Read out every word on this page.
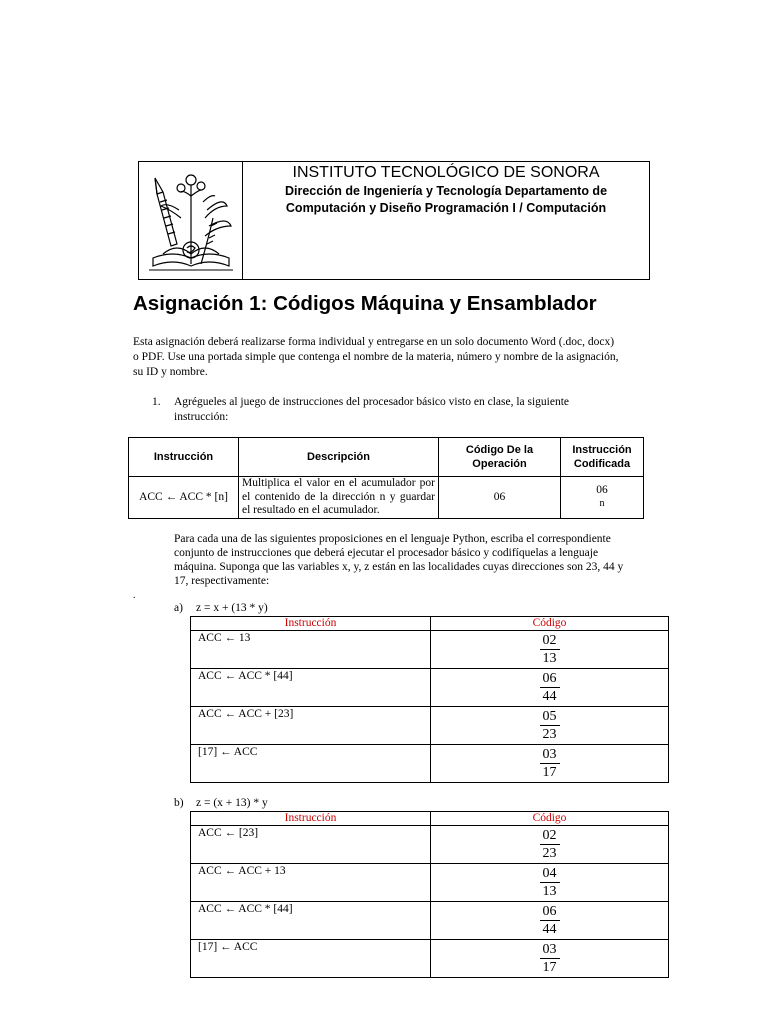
INSTITUTO TECNOLÓGICO DE SONORA
Dirección de Ingeniería y Tecnología Departamento de
Computación y Diseño Programación I / Computación
Asignación 1: Códigos Máquina y Ensamblador
Esta asignación deberá realizarse forma individual y entregarse en un solo documento Word (.doc, docx)
o PDF. Use una portada simple que contenga el nombre de la materia, número y nombre de la asignación,
su ID y nombre.
1.	Agrégueles al juego de instrucciones del procesador básico visto en clase, la siguiente
instrucción:
Instrucción	Descripción	Código De la Operación	Instrucción Codificada
ACC ← ACC * [n]	Multiplica el valor en el acumulador por el contenido de la dirección n y guardar el resultado en el acumulador.	06	06
n
Para cada una de las siguientes proposiciones en el lenguaje Python, escriba el correspondiente
conjunto de instrucciones que deberá ejecutar el procesador básico y codifíquelas a lenguaje
máquina. Suponga que las variables x, y, z están en las localidades cuyas direcciones son 23, 44 y
17, respectivamente:
.
a)	z = x + (13 * y)
Instrucción	Código
ACC ← 13	$\frac{02}{13}$

ACC ← ACC * [44]	$\frac{06}{44}$

ACC ← ACC + [23]	$\frac{05}{23}$

[17] ← ACC	$\frac{03}{17}$
b)	z = (x + 13) * y
Instrucción	Código
ACC ← [23]	$\frac{02}{23}$

ACC ← ACC + 13	$\frac{04}{13}$

ACC ← ACC * [44]	$\frac{06}{44}$

[17] ← ACC	$\frac{03}{17}$
